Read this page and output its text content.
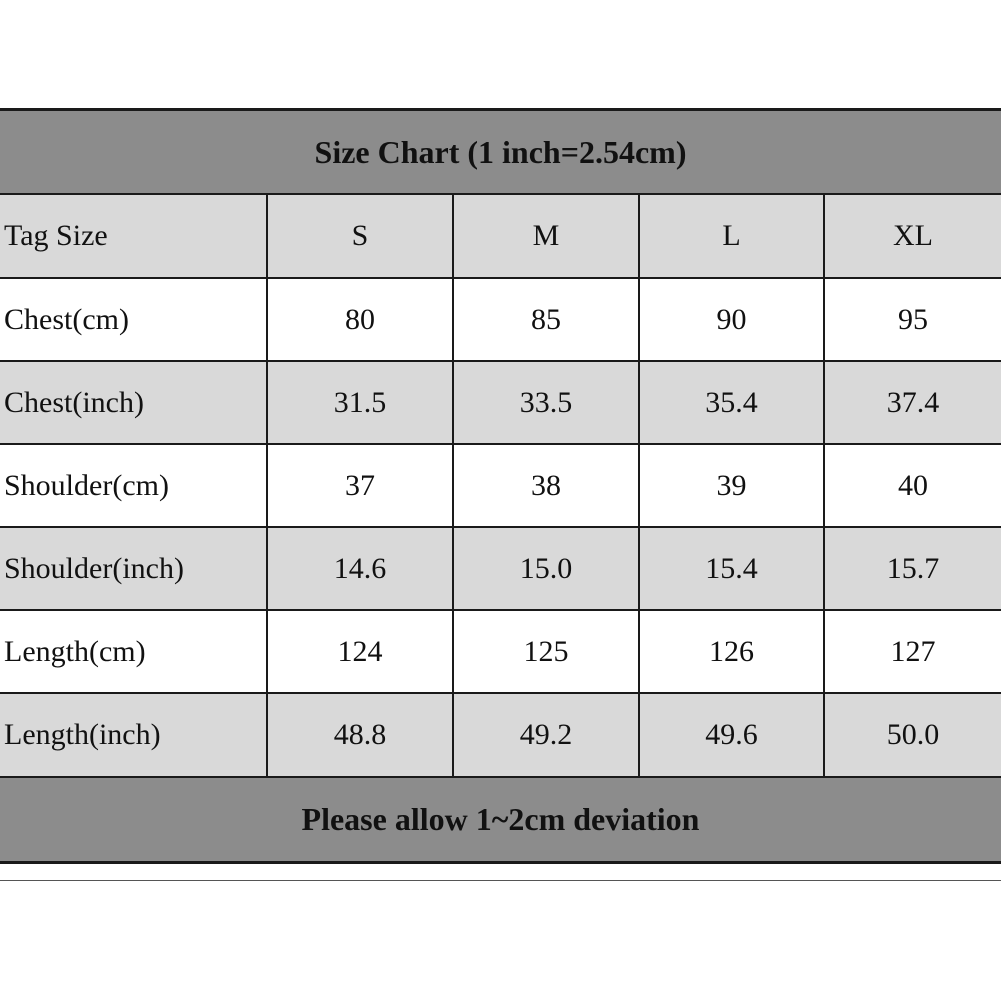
Size Chart (1 inch=2.54cm)
Tag Size	S	M	L	XL
Chest(cm)	80	85	90	95
Chest(inch)	31.5	33.5	35.4	37.4
Shoulder(cm)	37	38	39	40
Shoulder(inch)	14.6	15.0	15.4	15.7
Length(cm)	124	125	126	127
Length(inch)	48.8	49.2	49.6	50.0
Please allow 1~2cm deviation
